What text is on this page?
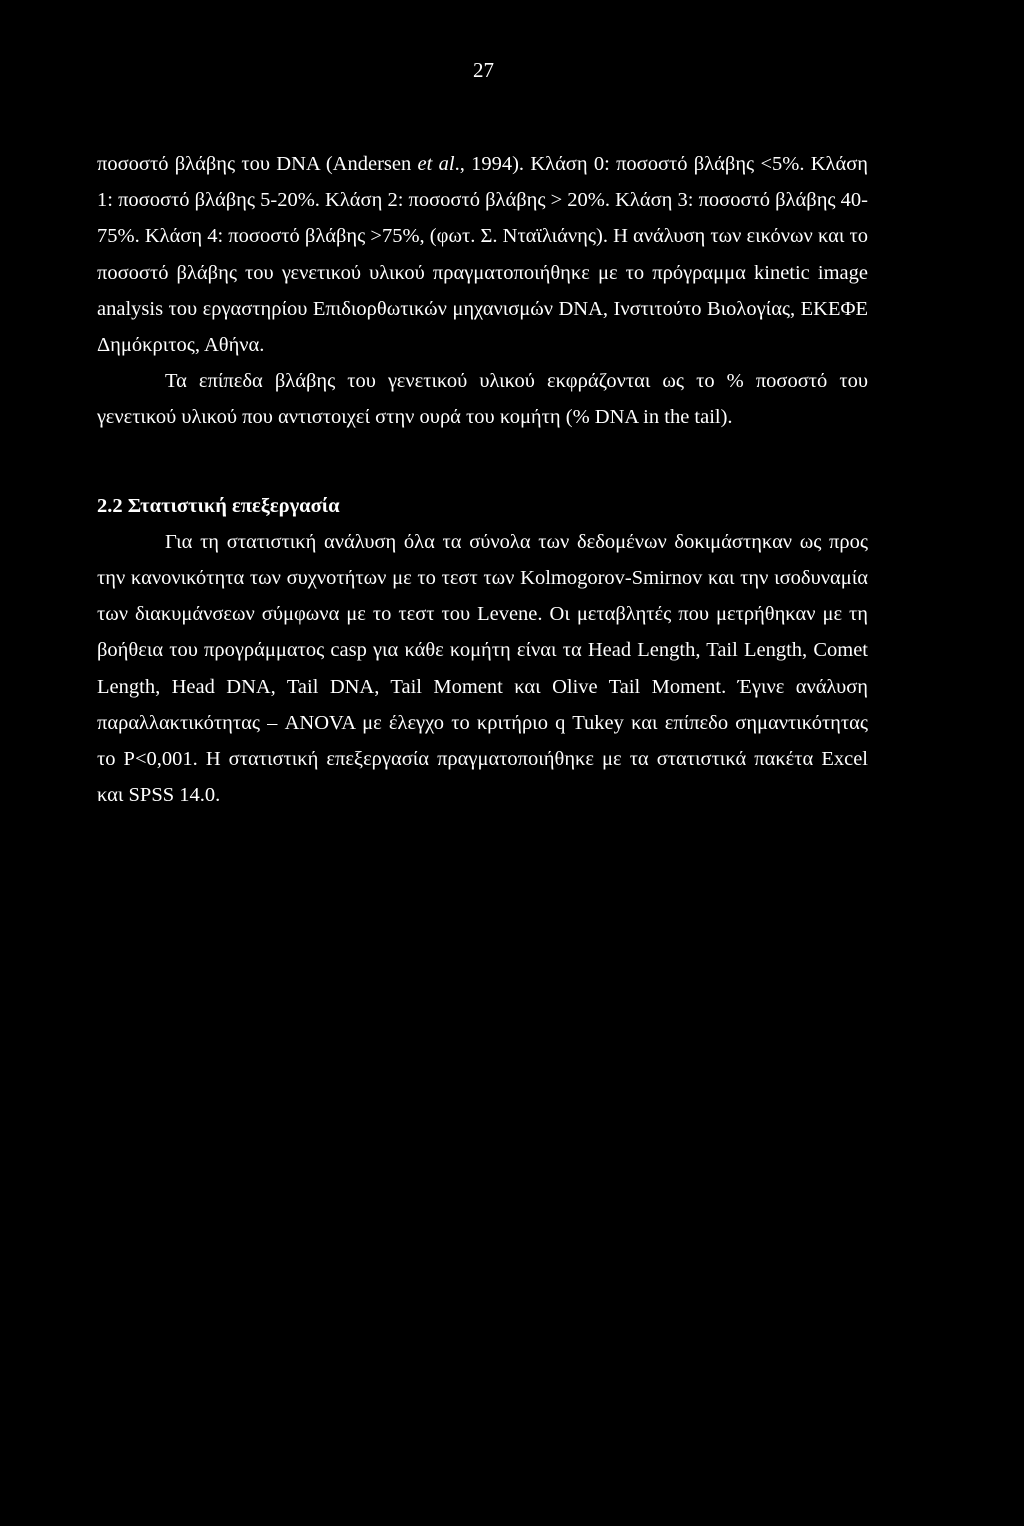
27

ποσοστό βλάβης του DNA (Andersen et al., 1994). Κλάση 0: ποσοστό βλάβης <5%. Κλάση 1: ποσοστό βλάβης 5-20%. Κλάση 2: ποσοστό βλάβης > 20%. Κλάση 3: ποσοστό βλάβης 40-75%. Κλάση 4: ποσοστό βλάβης >75%, (φωτ. Σ. Νταϊλιάνης). Η ανάλυση των εικόνων και το ποσοστό βλάβης του γενετικού υλικού πραγματοποιήθηκε με το πρόγραμμα kinetic image analysis του εργαστηρίου Επιδιορθωτικών μηχανισμών DNA, Ινστιτούτο Βιολογίας, ΕΚΕΦΕ Δημόκριτος, Αθήνα.

Τα επίπεδα βλάβης του γενετικού υλικού εκφράζονται ως το % ποσοστό του γενετικού υλικού που αντιστοιχεί στην ουρά του κομήτη (% DNA in the tail).

2.2 Στατιστική επεξεργασία

Για τη στατιστική ανάλυση όλα τα σύνολα των δεδομένων δοκιμάστηκαν ως προς την κανονικότητα των συχνοτήτων με το τεστ των Kolmogorov-Smirnov και την ισοδυναμία των διακυμάνσεων σύμφωνα με το τεστ του Levene. Οι μεταβλητές που μετρήθηκαν με τη βοήθεια του προγράμματος casp για κάθε κομήτη είναι τα Head Length, Tail Length, Comet Length, Head DNA, Tail DNA, Tail Moment και Olive Tail Moment. Έγινε ανάλυση παραλλακτικότητας – ANOVA με έλεγχο το κριτήριο q Tukey και επίπεδο σημαντικότητας το P<0,001. Η στατιστική επεξεργασία πραγματοποιήθηκε με τα στατιστικά πακέτα Excel και SPSS 14.0.
